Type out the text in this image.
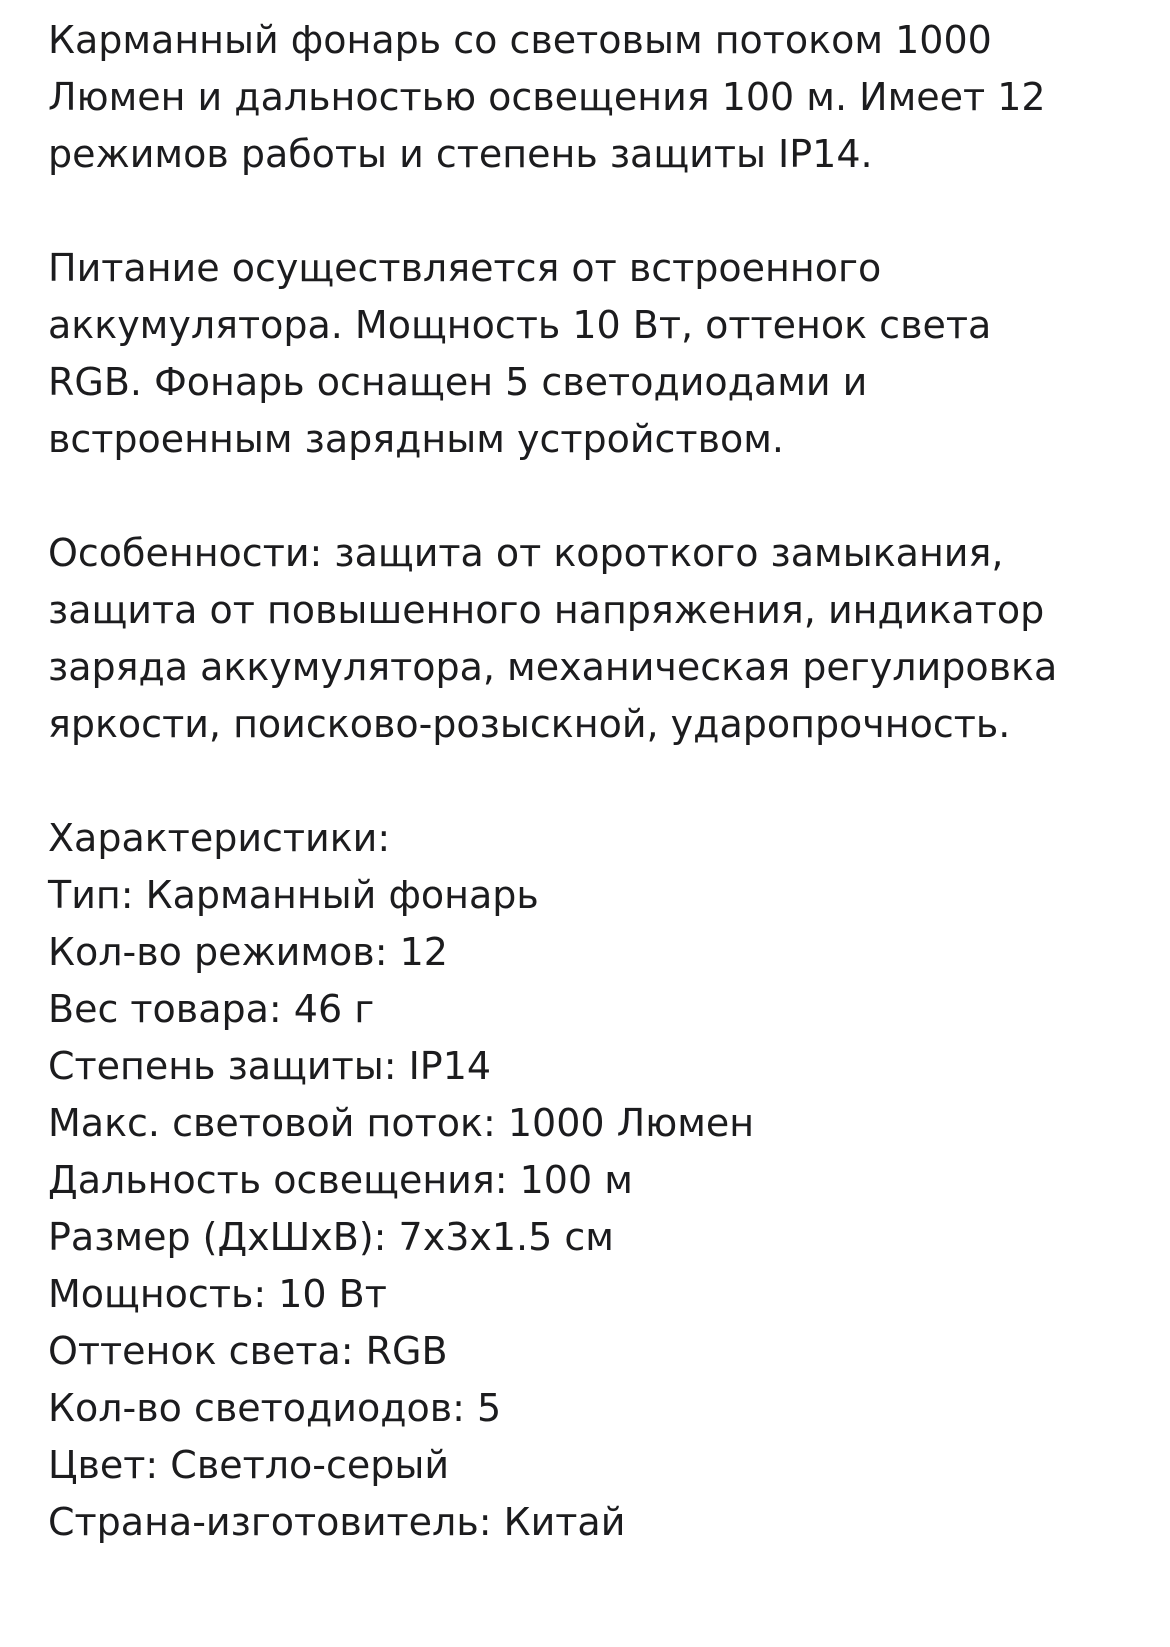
Карманный фонарь со световым потоком 1000
Люмен и дальностью освещения 100 м. Имеет 12
режимов работы и степень защиты IP14.

Питание осуществляется от встроенного
аккумулятора. Мощность 10 Вт, оттенок света
RGB. Фонарь оснащен 5 светодиодами и
встроенным зарядным устройством.

Особенности: защита от короткого замыкания,
защита от повышенного напряжения, индикатор
заряда аккумулятора, механическая регулировка
яркости, поисково-розыскной, ударопрочность.

Характеристики:
Тип: Карманный фонарь
Кол-во режимов: 12
Вес товара: 46 г
Степень защиты: IP14
Макс. световой поток: 1000 Люмен
Дальность освещения: 100 м
Размер (ДхШхВ): 7x3x1.5 см
Мощность: 10 Вт
Оттенок света: RGB
Кол-во светодиодов: 5
Цвет: Светло-серый
Страна-изготовитель: Китай
